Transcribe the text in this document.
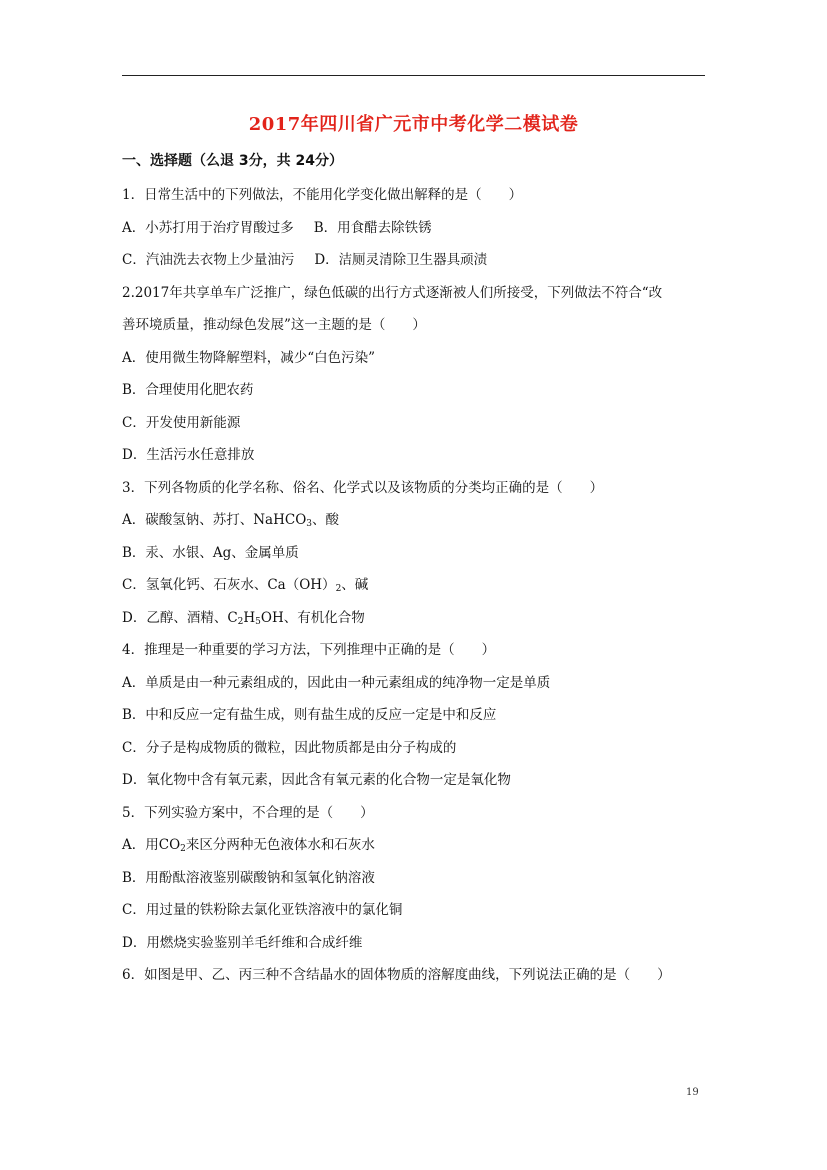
2017年四川省广元市中考化学二模试卷
一、选择题（么退 3分，共 24分）
1．日常生活中的下列做法，不能用化学变化做出解释的是（　　）
A．小苏打用于治疗胃酸过多 B．用食醋去除铁锈
C．汽油洗去衣物上少量油污 D．洁厕灵清除卫生器具顽渍
2.2017年共享单车广泛推广，绿色低碳的出行方式逐渐被人们所接受，下列做法不符合“改
善环境质量，推动绿色发展”这一主题的是（　　）
A．使用微生物降解塑料，减少“白色污染”
B．合理使用化肥农药
C．开发使用新能源
D．生活污水任意排放
3．下列各物质的化学名称、俗名、化学式以及该物质的分类均正确的是（　　）
A．碳酸氢钠、苏打、NaHCO$_3$、酸
B．汞、水银、Ag、金属单质
C．氢氧化钙、石灰水、$Ca(OH)_2$、碱
D．乙醇、酒精、$C_2H_5OH$、有机化合物
4．推理是一种重要的学习方法，下列推理中正确的是（　　）
A．单质是由一种元素组成的，因此由一种元素组成的纯净物一定是单质
B．中和反应一定有盐生成，则有盐生成的反应一定是中和反应
C．分子是构成物质的微粒，因此物质都是由分子构成的
D．氧化物中含有氧元素，因此含有氧元素的化合物一定是氧化物
5．下列实验方案中，不合理的是（　　）
A．用$CO_2$来区分两种无色液体水和石灰水
B．用酚酞溶液鉴别碳酸钠和氢氧化钠溶液
C．用过量的铁粉除去氯化亚铁溶液中的氯化铜
D．用燃烧实验鉴别羊毛纤维和合成纤维
6．如图是甲、乙、丙三种不含结晶水的固体物质的溶解度曲线，下列说法正确的是（　　）
19
